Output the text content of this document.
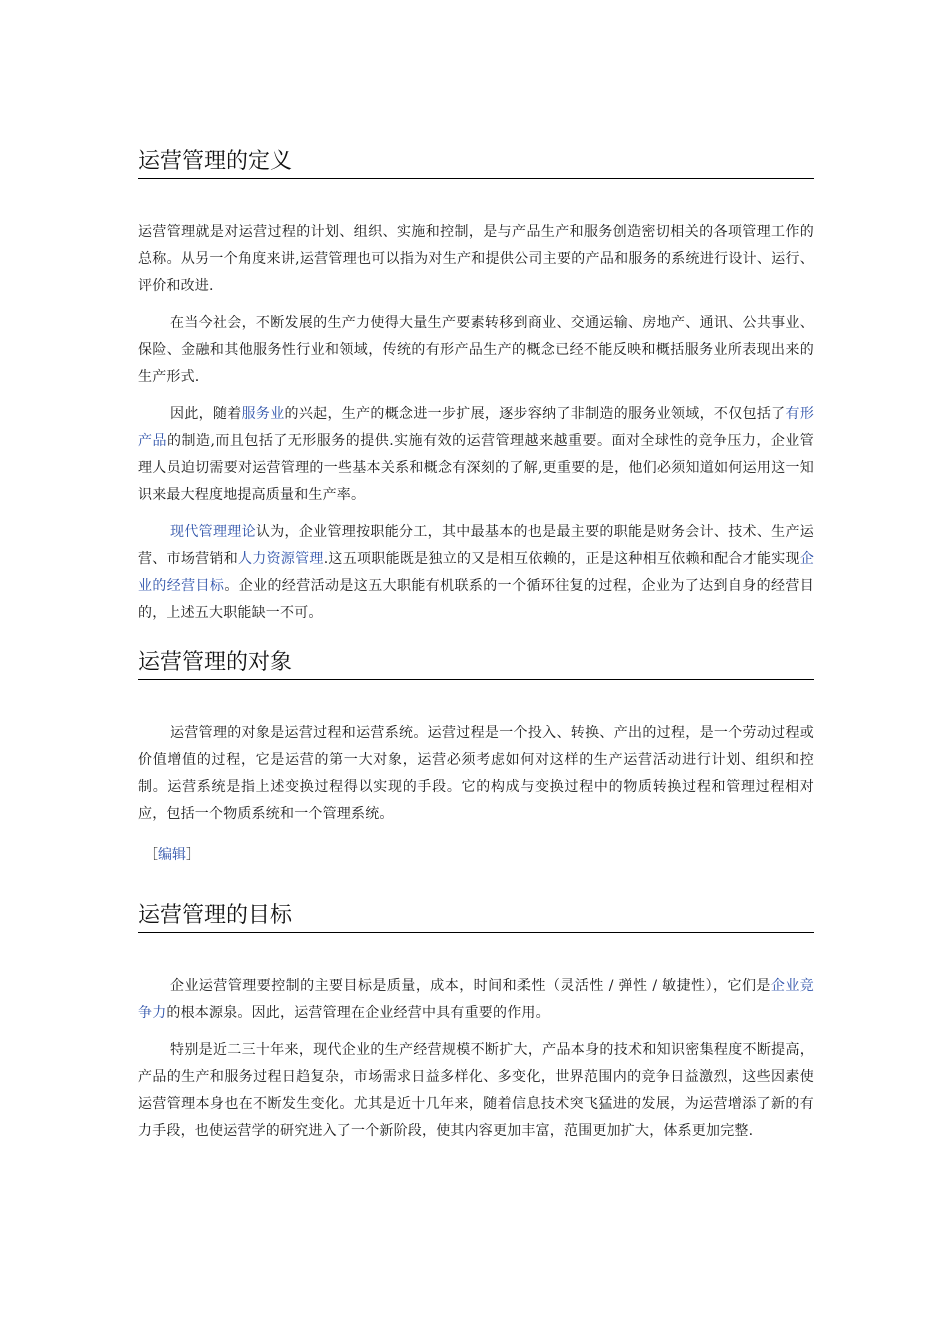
运营管理的定义

运营管理就是对运营过程的计划、组织、实施和控制，是与产品生产和服务创造密切相关的各项管理工作的总称。从另一个角度来讲,运营管理也可以指为对生产和提供公司主要的产品和服务的系统进行设计、运行、评价和改进.

在当今社会，不断发展的生产力使得大量生产要素转移到商业、交通运输、房地产、通讯、公共事业、保险、金融和其他服务性行业和领域，传统的有形产品生产的概念已经不能反映和概括服务业所表现出来的生产形式.

因此，随着服务业的兴起，生产的概念进一步扩展，逐步容纳了非制造的服务业领域，不仅包括了有形产品的制造,而且包括了无形服务的提供.实施有效的运营管理越来越重要。面对全球性的竞争压力，企业管理人员迫切需要对运营管理的一些基本关系和概念有深刻的了解,更重要的是，他们必须知道如何运用这一知识来最大程度地提高质量和生产率。

现代管理理论认为，企业管理按职能分工，其中最基本的也是最主要的职能是财务会计、技术、生产运营、市场营销和人力资源管理.这五项职能既是独立的又是相互依赖的，正是这种相互依赖和配合才能实现企业的经营目标。企业的经营活动是这五大职能有机联系的一个循环往复的过程，企业为了达到自身的经营目的，上述五大职能缺一不可。

运营管理的对象

运营管理的对象是运营过程和运营系统。运营过程是一个投入、转换、产出的过程，是一个劳动过程或价值增值的过程，它是运营的第一大对象，运营必须考虑如何对这样的生产运营活动进行计划、组织和控制。运营系统是指上述变换过程得以实现的手段。它的构成与变换过程中的物质转换过程和管理过程相对应，包括一个物质系统和一个管理系统。

［编辑］
运营管理的目标

企业运营管理要控制的主要目标是质量，成本，时间和柔性（灵活性 / 弹性 / 敏捷性），它们是企业竞争力的根本源泉。因此，运营管理在企业经营中具有重要的作用。

特别是近二三十年来，现代企业的生产经营规模不断扩大，产品本身的技术和知识密集程度不断提高，产品的生产和服务过程日趋复杂，市场需求日益多样化、多变化，世界范围内的竞争日益激烈，这些因素使运营管理本身也在不断发生变化。尤其是近十几年来，随着信息技术突飞猛进的发展，为运营增添了新的有力手段，也使运营学的研究进入了一个新阶段，使其内容更加丰富，范围更加扩大，体系更加完整.
